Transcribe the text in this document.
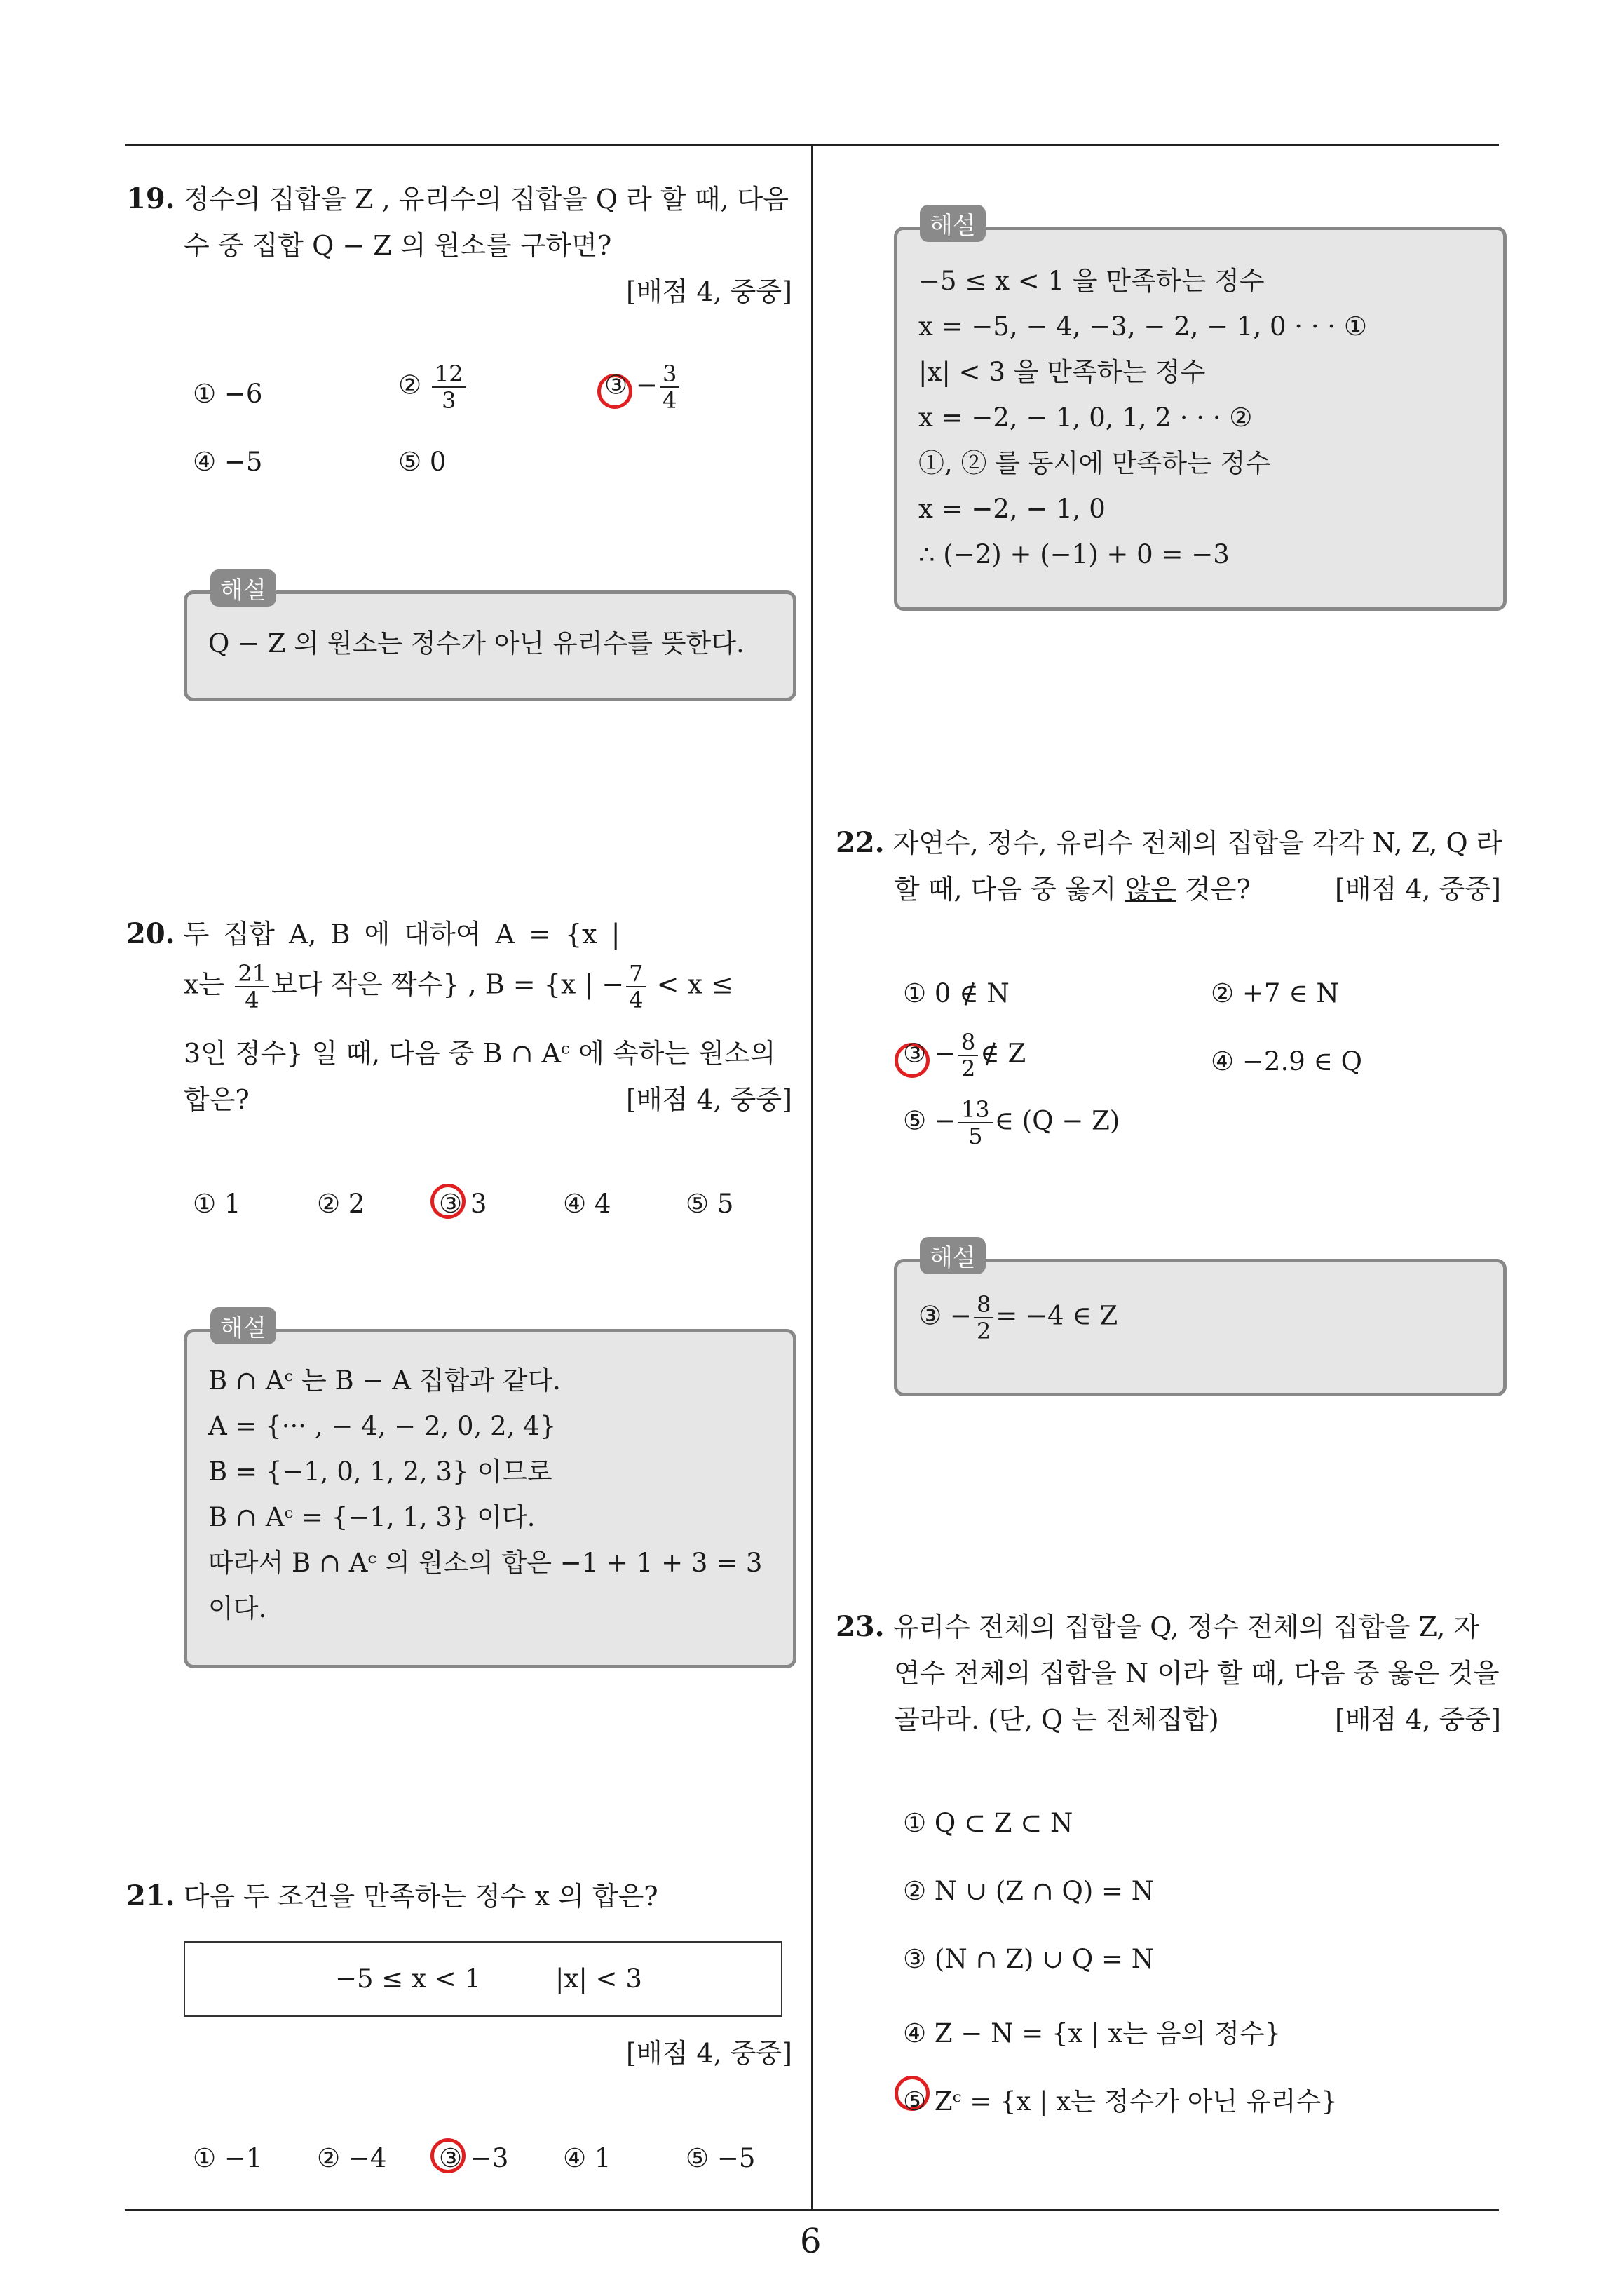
19. 정수의 집합을 Z , 유리수의 집합을 Q 라 할 때, 다음
수 중 집합 Q − Z 의 원소를 구하면?
[배점 4, 중중]
① −6	② $\frac{12}{3}$	③ − $\frac{3}{4}$
④ −5	⑤ 0
Q − Z 의 원소는 정수가 아닌 유리수를 뜻한다.
해설
20. 두 집합 A, B 에 대하여 A = {x |
x는 $\frac{21}{4}$ 보다 작은 짝수} , B = {x | − $\frac{7}{4} < x$ ≤
3인 정수} 일 때, 다음 중 B ∩ Aᶜ 에 속하는 원소의
합은?	[배점 4, 중중]
① 1	② 2	③ 3	④ 4	⑤ 5
B ∩ Aᶜ 는 B − A 집합과 같다.
A = {··· , − 4, − 2, 0, 2, 4}
B = {−1, 0, 1, 2, 3} 이므로
B ∩ Aᶜ = {−1, 1, 3} 이다.
따라서 B ∩ Aᶜ 의 원소의 합은 −1 + 1 + 3 = 3
이다.
해설
21. 다음 두 조건을 만족하는 정수 x 의 합은?
−5 ≤ x < 1	|x| < 3
[배점 4, 중중]
① −1 ② −4 ③ −3 ④ 1	⑤ −5
−5 ≤ x < 1 을 만족하는 정수
x = −5, − 4, −3, − 2, − 1, 0 · · · ①
|x| < 3 을 만족하는 정수
x = −2, − 1, 0, 1, 2 · · · ②
①, ② 를 동시에 만족하는 정수
x = −2, − 1, 0
∴ (−2) + (−1) + 0 = −3
해설
22. 자연수, 정수, 유리수 전체의 집합을 각각 N, Z, Q 라
할 때, 다음 중 옳지 않은 것은?	[배점 4, 중중]
① 0 ∉ N	② +7 ∈ N
③ − $\frac{8}{2}$ ∉ Z	④ −2.9 ∈ Q
⑤ − $\frac{13}{5}$ ∈ (Q − Z)
③ − $\frac{8}{2} = -4$ ∈ Z
해설
23. 유리수 전체의 집합을 Q, 정수 전체의 집합을 Z, 자
연수 전체의 집합을 N 이라 할 때, 다음 중 옳은 것을
골라라. (단, Q 는 전체집합)	[배점 4, 중중]
① Q ⊂ Z ⊂ N
② N ∪ (Z ∩ Q) = N
③ (N ∩ Z) ∪ Q = N
④ Z − N = {x | x는 음의 정수}
⑤ Zᶜ = {x | x는 정수가 아닌 유리수}
6
